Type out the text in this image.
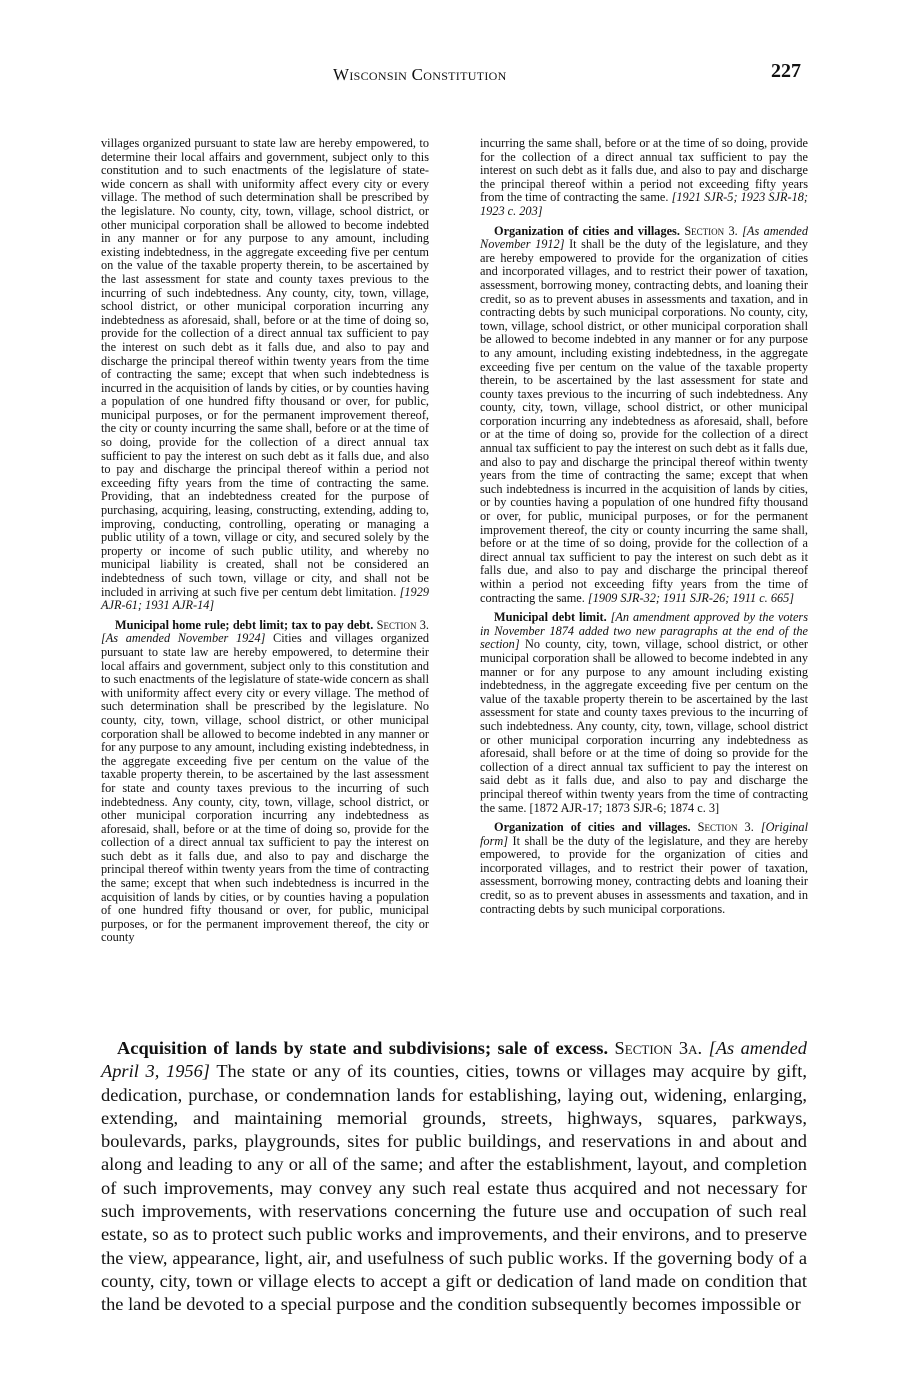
Wisconsin Constitution	227

villages organized pursuant to state law are hereby empowered, to determine their local affairs and government, subject only to this constitution and to such enactments of the legislature of state-wide concern as shall with uniformity affect every city or every village. The method of such determination shall be prescribed by the legislature. No county, city, town, village, school district, or other municipal corporation shall be allowed to become indebted in any manner or for any purpose to any amount, including existing indebtedness, in the aggregate exceeding five per centum on the value of the taxable property therein, to be ascertained by the last assessment for state and county taxes previous to the incurring of such indebtedness. Any county, city, town, village, school district, or other municipal corporation incurring any indebtedness as aforesaid, shall, before or at the time of doing so, provide for the collection of a direct annual tax sufficient to pay the interest on such debt as it falls due, and also to pay and discharge the principal thereof within twenty years from the time of contracting the same; except that when such indebtedness is incurred in the acquisition of lands by cities, or by counties having a population of one hundred fifty thousand or over, for public, municipal purposes, or for the permanent improvement thereof, the city or county incurring the same shall, before or at the time of so doing, provide for the collection of a direct annual tax sufficient to pay the interest on such debt as it falls due, and also to pay and discharge the principal thereof within a period not exceeding fifty years from the time of contracting the same. Providing, that an indebtedness created for the purpose of purchasing, acquiring, leasing, constructing, extending, adding to, improving, conducting, controlling, operating or managing a public utility of a town, village or city, and secured solely by the property or income of such public utility, and whereby no municipal liability is created, shall not be considered an indebtedness of such town, village or city, and shall not be included in arriving at such five per centum debt limitation. [1929 AJR-61; 1931 AJR-14]

Municipal home rule; debt limit; tax to pay debt. Section 3. [As amended November 1924] Cities and villages organized pursuant to state law are hereby empowered, to determine their local affairs and government, subject only to this constitution and to such enactments of the legislature of state-wide concern as shall with uniformity affect every city or every village. The method of such determination shall be prescribed by the legislature. No county, city, town, village, school district, or other municipal corporation shall be allowed to become indebted in any manner or for any purpose to any amount, including existing indebtedness, in the aggregate exceeding five per centum on the value of the taxable property therein, to be ascertained by the last assessment for state and county taxes previous to the incurring of such indebtedness. Any county, city, town, village, school district, or other municipal corporation incurring any indebtedness as aforesaid, shall, before or at the time of doing so, provide for the collection of a direct annual tax sufficient to pay the interest on such debt as it falls due, and also to pay and discharge the principal thereof within twenty years from the time of contracting the same; except that when such indebtedness is incurred in the acquisition of lands by cities, or by counties having a population of one hundred fifty thousand or over, for public, municipal purposes, or for the permanent improvement thereof, the city or county

incurring the same shall, before or at the time of so doing, provide for the collection of a direct annual tax sufficient to pay the interest on such debt as it falls due, and also to pay and discharge the principal thereof within a period not exceeding fifty years from the time of contracting the same. [1921 SJR-5; 1923 SJR-18; 1923 c. 203]

Organization of cities and villages. Section 3. [As amended November 1912] It shall be the duty of the legislature, and they are hereby empowered to provide for the organization of cities and incorporated villages, and to restrict their power of taxation, assessment, borrowing money, contracting debts, and loaning their credit, so as to prevent abuses in assessments and taxation, and in contracting debts by such municipal corporations. No county, city, town, village, school district, or other municipal corporation shall be allowed to become indebted in any manner or for any purpose to any amount, including existing indebtedness, in the aggregate exceeding five per centum on the value of the taxable property therein, to be ascertained by the last assessment for state and county taxes previous to the incurring of such indebtedness. Any county, city, town, village, school district, or other municipal corporation incurring any indebtedness as aforesaid, shall, before or at the time of doing so, provide for the collection of a direct annual tax sufficient to pay the interest on such debt as it falls due, and also to pay and discharge the principal thereof within twenty years from the time of contracting the same; except that when such indebtedness is incurred in the acquisition of lands by cities, or by counties having a population of one hundred fifty thousand or over, for public, municipal purposes, or for the permanent improvement thereof, the city or county incurring the same shall, before or at the time of so doing, provide for the collection of a direct annual tax sufficient to pay the interest on such debt as it falls due, and also to pay and discharge the principal thereof within a period not exceeding fifty years from the time of contracting the same. [1909 SJR-32; 1911 SJR-26; 1911 c. 665]

Municipal debt limit. [An amendment approved by the voters in November 1874 added two new paragraphs at the end of the section] No county, city, town, village, school district, or other municipal corporation shall be allowed to become indebted in any manner or for any purpose to any amount including existing indebtedness, in the aggregate exceeding five per centum on the value of the taxable property therein to be ascertained by the last assessment for state and county taxes previous to the incurring of such indebtedness. Any county, city, town, village, school district or other municipal corporation incurring any indebtedness as aforesaid, shall before or at the time of doing so provide for the collection of a direct annual tax sufficient to pay the interest on said debt as it falls due, and also to pay and discharge the principal thereof within twenty years from the time of contracting the same. [1872 AJR-17; 1873 SJR-6; 1874 c. 3]

Organization of cities and villages. Section 3. [Original form] It shall be the duty of the legislature, and they are hereby empowered, to provide for the organization of cities and incorporated villages, and to restrict their power of taxation, assessment, borrowing money, contracting debts and loaning their credit, so as to prevent abuses in assessments and taxation, and in contracting debts by such municipal corporations.

Acquisition of lands by state and subdivisions; sale of excess. Section 3a. [As amended April 3, 1956] The state or any of its counties, cities, towns or villages may acquire by gift, dedication, purchase, or condemnation lands for establishing, laying out, widening, enlarging, extending, and maintaining memorial grounds, streets, highways, squares, parkways, boulevards, parks, playgrounds, sites for public buildings, and reservations in and about and along and leading to any or all of the same; and after the establishment, layout, and completion of such improvements, may convey any such real estate thus acquired and not necessary for such improvements, with reservations concerning the future use and occupation of such real estate, so as to protect such public works and improvements, and their environs, and to preserve the view, appearance, light, air, and usefulness of such public works. If the governing body of a county, city, town or village elects to accept a gift or dedication of land made on condition that the land be devoted to a special purpose and the condition subsequently becomes impossible or
